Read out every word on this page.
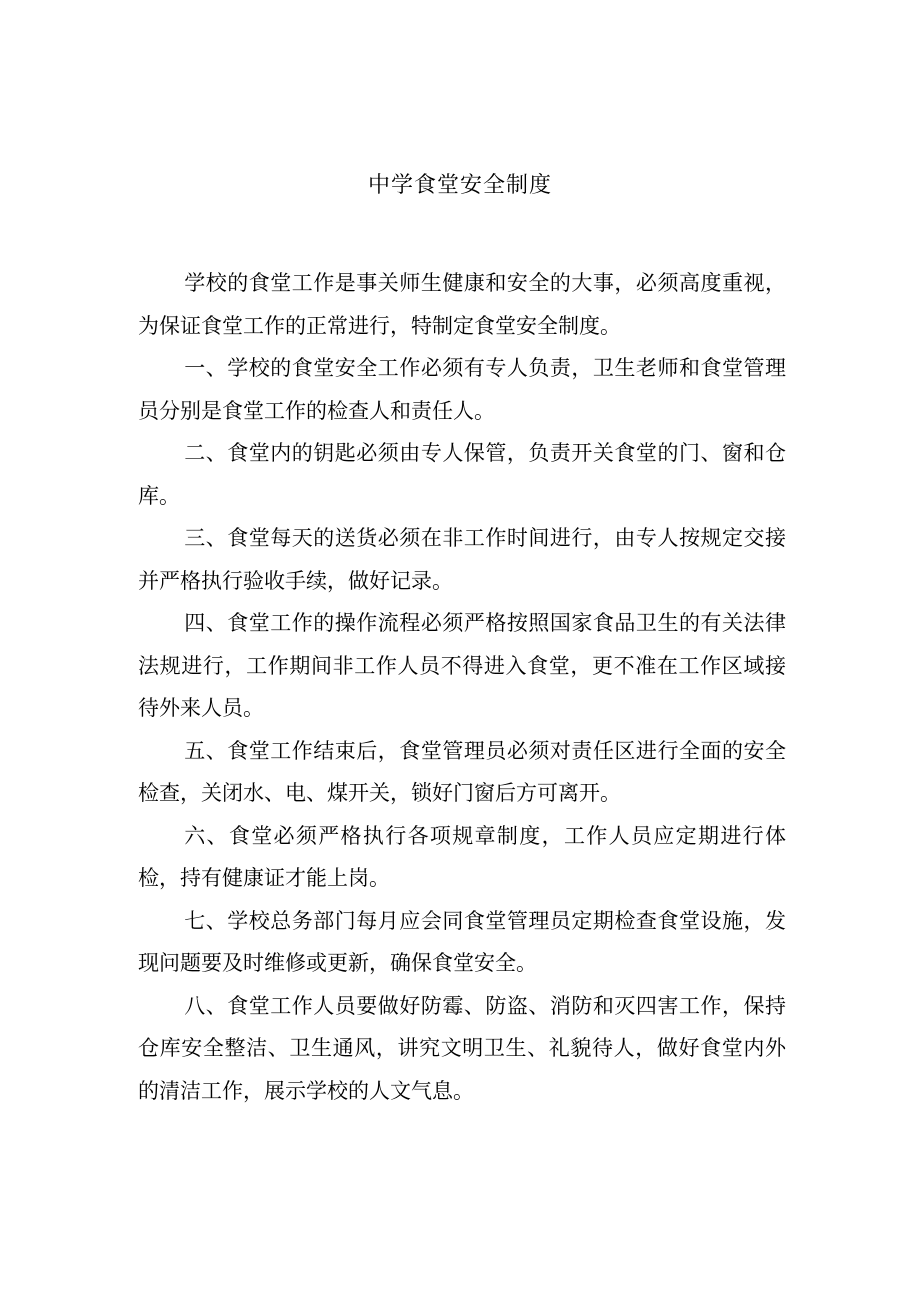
中学食堂安全制度

学校的食堂工作是事关师生健康和安全的大事，必须高度重视，为保证食堂工作的正常进行，特制定食堂安全制度。

一、学校的食堂安全工作必须有专人负责，卫生老师和食堂管理员分别是食堂工作的检查人和责任人。

二、食堂内的钥匙必须由专人保管，负责开关食堂的门、窗和仓库。

三、食堂每天的送货必须在非工作时间进行，由专人按规定交接并严格执行验收手续，做好记录。

四、食堂工作的操作流程必须严格按照国家食品卫生的有关法律法规进行，工作期间非工作人员不得进入食堂，更不准在工作区域接待外来人员。

五、食堂工作结束后，食堂管理员必须对责任区进行全面的安全检查，关闭水、电、煤开关，锁好门窗后方可离开。

六、食堂必须严格执行各项规章制度，工作人员应定期进行体检，持有健康证才能上岗。

七、学校总务部门每月应会同食堂管理员定期检查食堂设施，发现问题要及时维修或更新，确保食堂安全。

八、食堂工作人员要做好防霉、防盗、消防和灭四害工作，保持仓库安全整洁、卫生通风，讲究文明卫生、礼貌待人，做好食堂内外的清洁工作，展示学校的人文气息。
